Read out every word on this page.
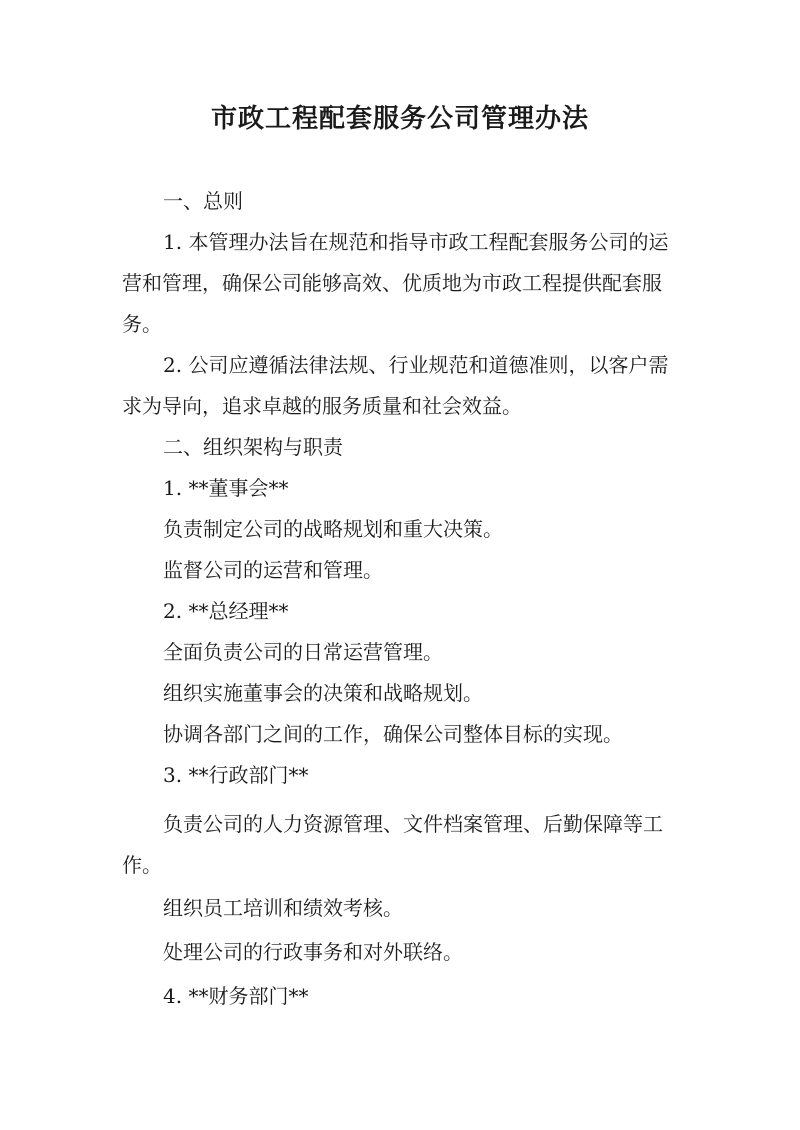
市政工程配套服务公司管理办法

一、总则

1. 本管理办法旨在规范和指导市政工程配套服务公司的运营和管理，确保公司能够高效、优质地为市政工程提供配套服务。

2. 公司应遵循法律法规、行业规范和道德准则，以客户需求为导向，追求卓越的服务质量和社会效益。

二、组织架构与职责

1. **董事会**

负责制定公司的战略规划和重大决策。

监督公司的运营和管理。

2. **总经理**

全面负责公司的日常运营管理。

组织实施董事会的决策和战略规划。

协调各部门之间的工作，确保公司整体目标的实现。

3. **行政部门**

负责公司的人力资源管理、文件档案管理、后勤保障等工作。

组织员工培训和绩效考核。

处理公司的行政事务和对外联络。

4. **财务部门**
